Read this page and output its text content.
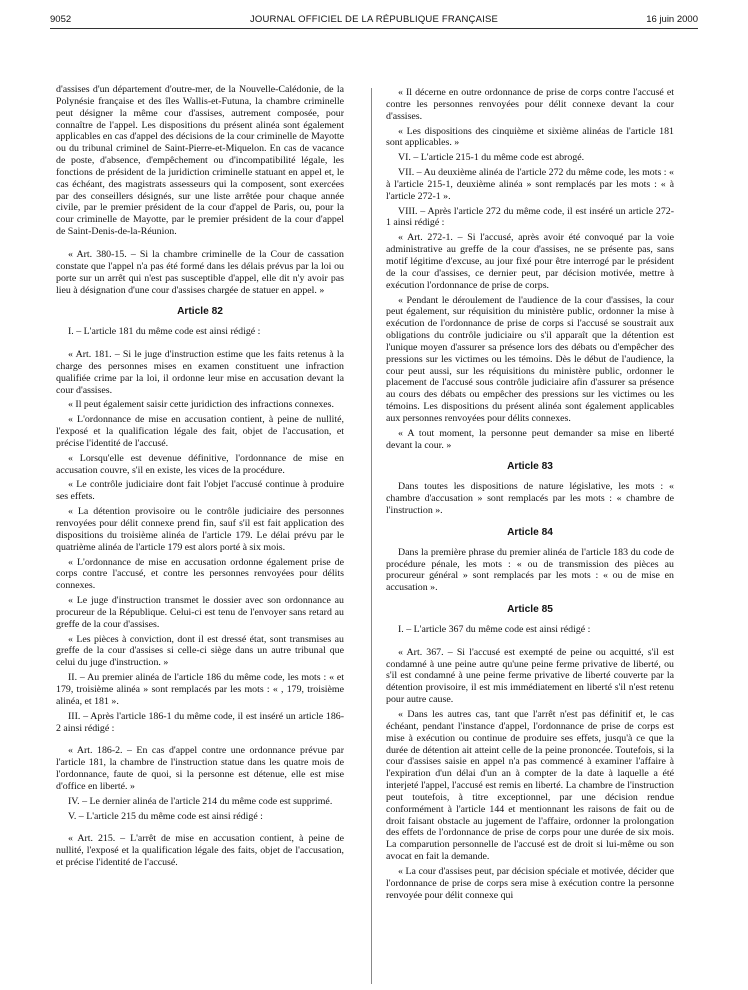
9052	JOURNAL OFFICIEL DE LA RÉPUBLIQUE FRANÇAISE	16 juin 2000

d'assises d'un département d'outre-mer, de la Nouvelle-Calédonie, de la Polynésie française et des îles Wallis-et-Futuna, la chambre criminelle peut désigner la même cour d'assises, autrement composée, pour connaître de l'appel. Les dispositions du présent alinéa sont également applicables en cas d'appel des décisions de la cour criminelle de Mayotte ou du tribunal criminel de Saint-Pierre-et-Miquelon. En cas de vacance de poste, d'absence, d'empêchement ou d'incompatibilité légale, les fonctions de président de la juridiction criminelle statuant en appel et, le cas échéant, des magistrats assesseurs qui la composent, sont exercées par des conseillers désignés, sur une liste arrêtée pour chaque année civile, par le premier président de la cour d'appel de Paris, ou, pour la cour criminelle de Mayotte, par le premier président de la cour d'appel de Saint-Denis-de-la-Réunion.

« Art. 380-15. – Si la chambre criminelle de la Cour de cassation constate que l'appel n'a pas été formé dans les délais prévus par la loi ou porte sur un arrêt qui n'est pas susceptible d'appel, elle dit n'y avoir pas lieu à désignation d'une cour d'assises chargée de statuer en appel. »

Article 82

I. – L'article 181 du même code est ainsi rédigé :

« Art. 181. – Si le juge d'instruction estime que les faits retenus à la charge des personnes mises en examen constituent une infraction qualifiée crime par la loi, il ordonne leur mise en accusation devant la cour d'assises.

« Il peut également saisir cette juridiction des infractions connexes.

« L'ordonnance de mise en accusation contient, à peine de nullité, l'exposé et la qualification légale des fait, objet de l'accusation, et précise l'identité de l'accusé.

« Lorsqu'elle est devenue définitive, l'ordonnance de mise en accusation couvre, s'il en existe, les vices de la procédure.

« Le contrôle judiciaire dont fait l'objet l'accusé continue à produire ses effets.

« La détention provisoire ou le contrôle judiciaire des personnes renvoyées pour délit connexe prend fin, sauf s'il est fait application des dispositions du troisième alinéa de l'article 179. Le délai prévu par le quatrième alinéa de l'article 179 est alors porté à six mois.

« L'ordonnance de mise en accusation ordonne également prise de corps contre l'accusé, et contre les personnes renvoyées pour délits connexes.

« Le juge d'instruction transmet le dossier avec son ordonnance au procureur de la République. Celui-ci est tenu de l'envoyer sans retard au greffe de la cour d'assises.

« Les pièces à conviction, dont il est dressé état, sont transmises au greffe de la cour d'assises si celle-ci siège dans un autre tribunal que celui du juge d'instruction. »

II. – Au premier alinéa de l'article 186 du même code, les mots : « et 179, troisième alinéa » sont remplacés par les mots : « , 179, troisième alinéa, et 181 ».

III. – Après l'article 186-1 du même code, il est inséré un article 186-2 ainsi rédigé :

« Art. 186-2. – En cas d'appel contre une ordonnance prévue par l'article 181, la chambre de l'instruction statue dans les quatre mois de l'ordonnance, faute de quoi, si la personne est détenue, elle est mise d'office en liberté. »

IV. – Le dernier alinéa de l'article 214 du même code est supprimé.

V. – L'article 215 du même code est ainsi rédigé :

« Art. 215. – L'arrêt de mise en accusation contient, à peine de nullité, l'exposé et la qualification légale des faits, objet de l'accusation, et précise l'identité de l'accusé.

« Il décerne en outre ordonnance de prise de corps contre l'accusé et contre les personnes renvoyées pour délit connexe devant la cour d'assises.

« Les dispositions des cinquième et sixième alinéas de l'article 181 sont applicables. »

VI. – L'article 215-1 du même code est abrogé.

VII. – Au deuxième alinéa de l'article 272 du même code, les mots : « à l'article 215-1, deuxième alinéa » sont remplacés par les mots : « à l'article 272-1 ».

VIII. – Après l'article 272 du même code, il est inséré un article 272-1 ainsi rédigé :

« Art. 272-1. – Si l'accusé, après avoir été convoqué par la voie administrative au greffe de la cour d'assises, ne se présente pas, sans motif légitime d'excuse, au jour fixé pour être interrogé par le président de la cour d'assises, ce dernier peut, par décision motivée, mettre à exécution l'ordonnance de prise de corps.

« Pendant le déroulement de l'audience de la cour d'assises, la cour peut également, sur réquisition du ministère public, ordonner la mise à exécution de l'ordonnance de prise de corps si l'accusé se soustrait aux obligations du contrôle judiciaire ou s'il apparaît que la détention est l'unique moyen d'assurer sa présence lors des débats ou d'empêcher des pressions sur les victimes ou les témoins. Dès le début de l'audience, la cour peut aussi, sur les réquisitions du ministère public, ordonner le placement de l'accusé sous contrôle judiciaire afin d'assurer sa présence au cours des débats ou empêcher des pressions sur les victimes ou les témoins. Les dispositions du présent alinéa sont également applicables aux personnes renvoyées pour délits connexes.

« A tout moment, la personne peut demander sa mise en liberté devant la cour. »

Article 83

Dans toutes les dispositions de nature législative, les mots : « chambre d'accusation » sont remplacés par les mots : « chambre de l'instruction ».

Article 84

Dans la première phrase du premier alinéa de l'article 183 du code de procédure pénale, les mots : « ou de transmission des pièces au procureur général » sont remplacés par les mots : « ou de mise en accusation ».

Article 85

I. – L'article 367 du même code est ainsi rédigé :

« Art. 367. – Si l'accusé est exempté de peine ou acquitté, s'il est condamné à une peine autre qu'une peine ferme privative de liberté, ou s'il est condamné à une peine ferme privative de liberté couverte par la détention provisoire, il est mis immédiatement en liberté s'il n'est retenu pour autre cause.

« Dans les autres cas, tant que l'arrêt n'est pas définitif et, le cas échéant, pendant l'instance d'appel, l'ordonnance de prise de corps est mise à exécution ou continue de produire ses effets, jusqu'à ce que la durée de détention ait atteint celle de la peine prononcée. Toutefois, si la cour d'assises saisie en appel n'a pas commencé à examiner l'affaire à l'expiration d'un délai d'un an à compter de la date à laquelle a été interjeté l'appel, l'accusé est remis en liberté. La chambre de l'instruction peut toutefois, à titre exceptionnel, par une décision rendue conformément à l'article 144 et mentionnant les raisons de fait ou de droit faisant obstacle au jugement de l'affaire, ordonner la prolongation des effets de l'ordonnance de prise de corps pour une durée de six mois. La comparution personnelle de l'accusé est de droit si lui-même ou son avocat en fait la demande.

« La cour d'assises peut, par décision spéciale et motivée, décider que l'ordonnance de prise de corps sera mise à exécution contre la personne renvoyée pour délit connexe qui
